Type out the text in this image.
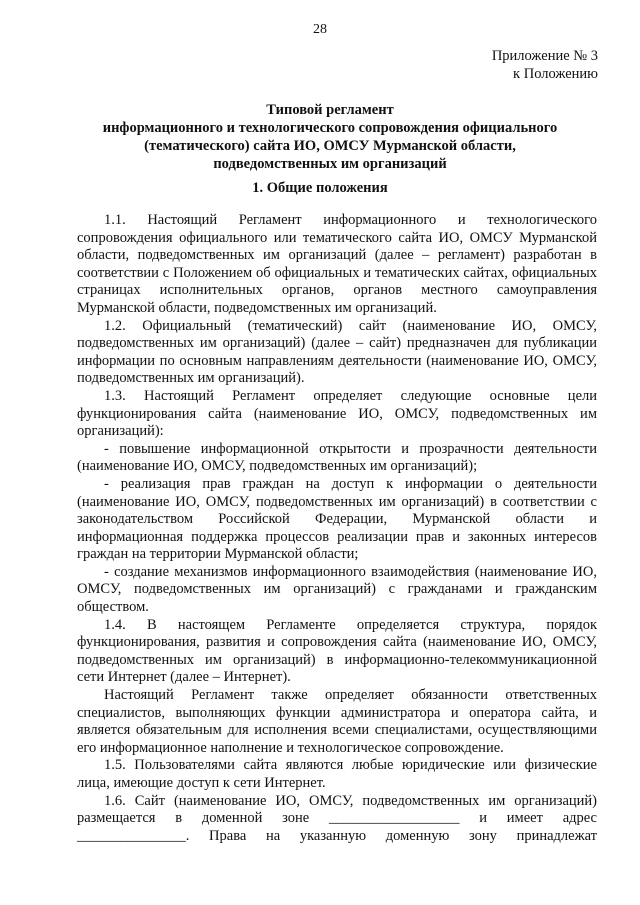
28
Приложение № 3
к Положению
Типовой регламент
информационного и технологического сопровождения официального
(тематического) сайта ИО, ОМСУ Мурманской области,
подведомственных им организаций
1. Общие положения

1.1. Настоящий Регламент информационного и технологического сопровождения официального или тематического сайта ИО, ОМСУ Мурманской области, подведомственных им организаций (далее – регламент) разработан в соответствии с Положением об официальных и тематических сайтах, официальных страницах исполнительных органов, органов местного самоуправления Мурманской области, подведомственных им организаций.

1.2. Официальный (тематический) сайт (наименование ИО, ОМСУ, подведомственных им организаций) (далее – сайт) предназначен для публикации информации по основным направлениям деятельности (наименование ИО, ОМСУ, подведомственных им организаций).

1.3. Настоящий Регламент определяет следующие основные цели функционирования сайта (наименование ИО, ОМСУ, подведомственных им организаций):

- повышение информационной открытости и прозрачности деятельности (наименование ИО, ОМСУ, подведомственных им организаций);

- реализация прав граждан на доступ к информации о деятельности (наименование ИО, ОМСУ, подведомственных им организаций) в соответствии с законодательством Российской Федерации, Мурманской области и информационная поддержка процессов реализации прав и законных интересов граждан на территории Мурманской области;

- создание механизмов информационного взаимодействия (наименование ИО, ОМСУ, подведомственных им организаций) с гражданами и гражданским обществом.

1.4. В настоящем Регламенте определяется структура, порядок функционирования, развития и сопровождения сайта (наименование ИО, ОМСУ, подведомственных им организаций) в информационно-телекоммуникационной сети Интернет (далее – Интернет).

Настоящий Регламент также определяет обязанности ответственных специалистов, выполняющих функции администратора и оператора сайта, и является обязательным для исполнения всеми специалистами, осуществляющими его информационное наполнение и технологическое сопровождение.

1.5. Пользователями сайта являются любые юридические или физические лица, имеющие доступ к сети Интернет.

1.6. Сайт (наименование ИО, ОМСУ, подведомственных им организаций) размещается в доменной зоне __________________ и имеет адрес _______________. Права на указанную доменную зону принадлежат
